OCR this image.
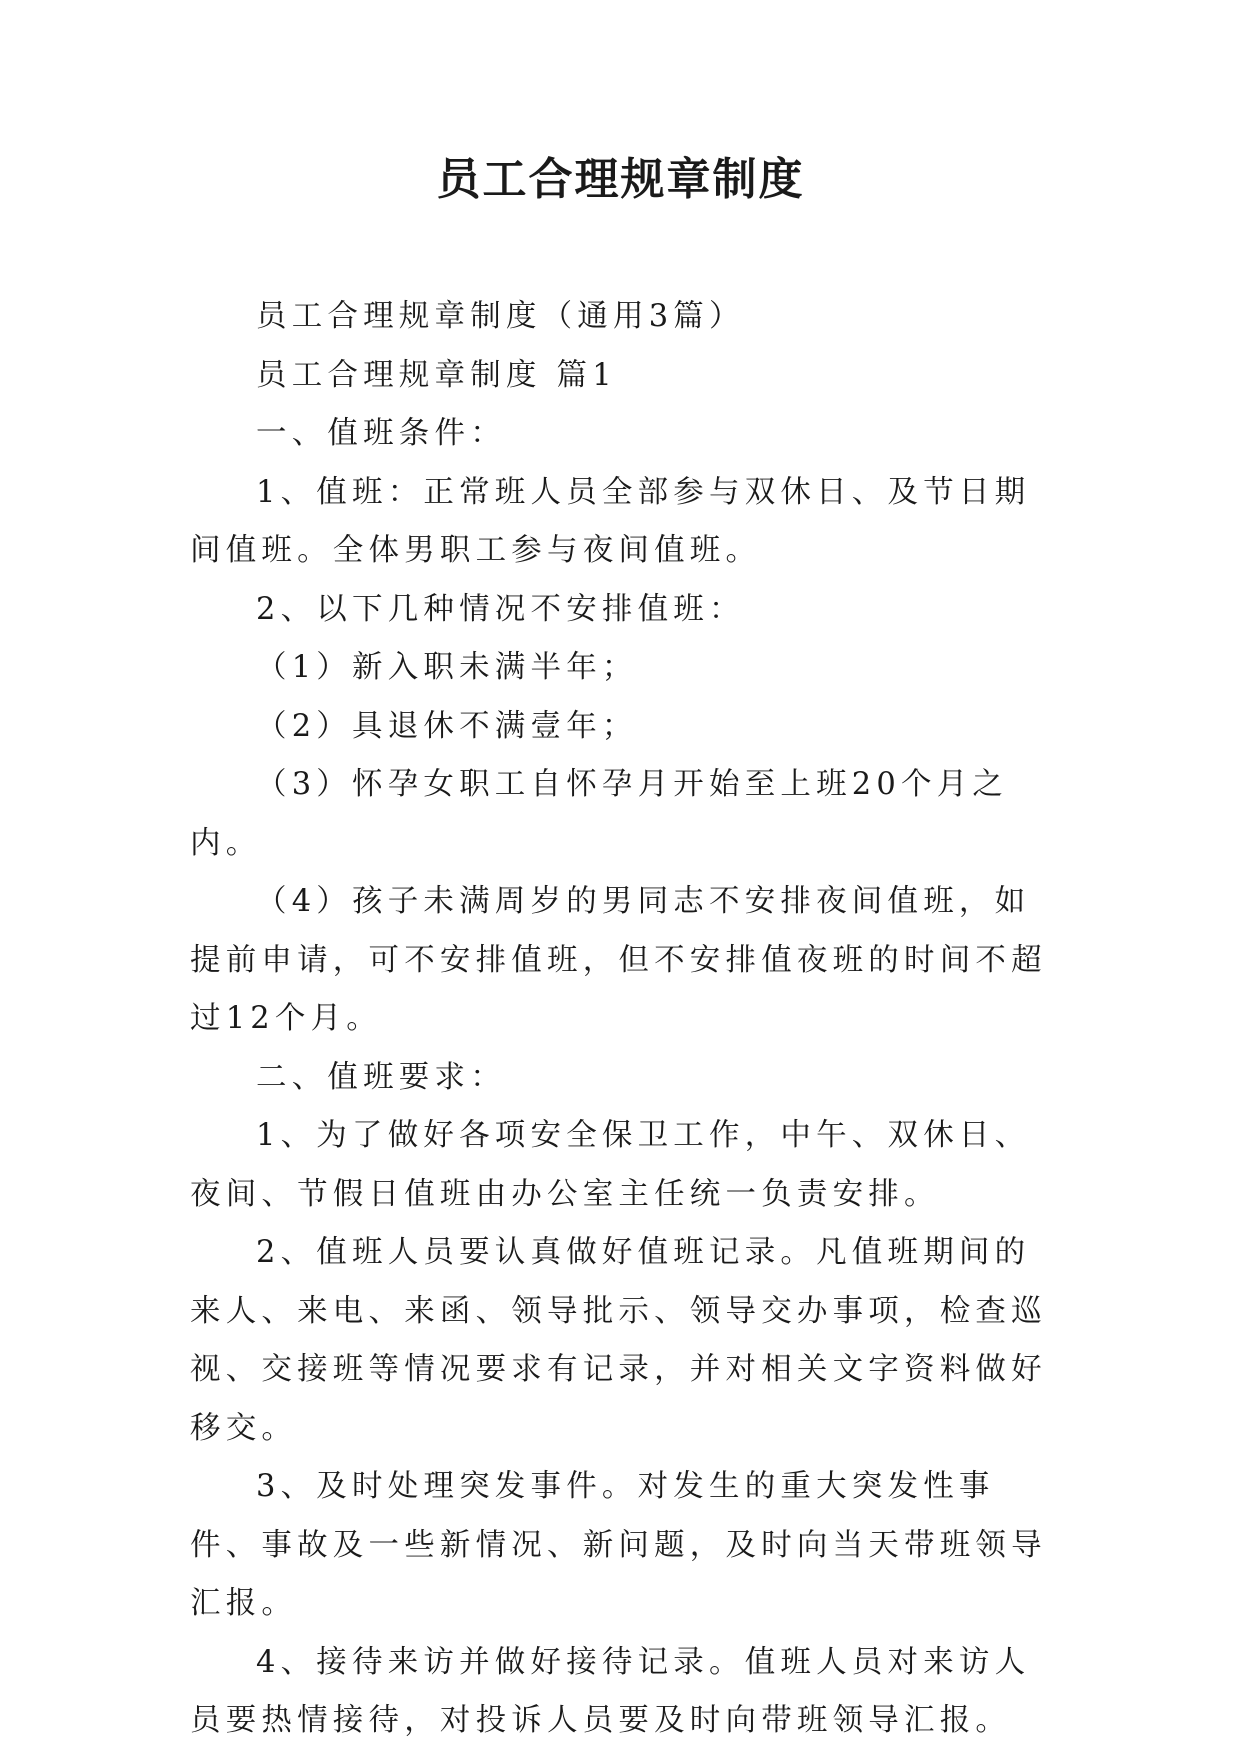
员工合理规章制度

员工合理规章制度（通用3篇）

员工合理规章制度 篇1

一、值班条件：

1、值班：正常班人员全部参与双休日、及节日期间值班。全体男职工参与夜间值班。

2、以下几种情况不安排值班：

（1）新入职未满半年；

（2）具退休不满壹年；

（3）怀孕女职工自怀孕月开始至上班20个月之内。

（4）孩子未满周岁的男同志不安排夜间值班，如提前申请，可不安排值班，但不安排值夜班的时间不超过12个月。

二、值班要求：

1、为了做好各项安全保卫工作，中午、双休日、夜间、节假日值班由办公室主任统一负责安排。

2、值班人员要认真做好值班记录。凡值班期间的来人、来电、来函、领导批示、领导交办事项，检查巡视、交接班等情况要求有记录，并对相关文字资料做好移交。

3、及时处理突发事件。对发生的重大突发性事件、事故及一些新情况、新问题，及时向当天带班领导汇报。

4、接待来访并做好接待记录。值班人员对来访人员要热情接待，对投诉人员要及时向带班领导汇报。
